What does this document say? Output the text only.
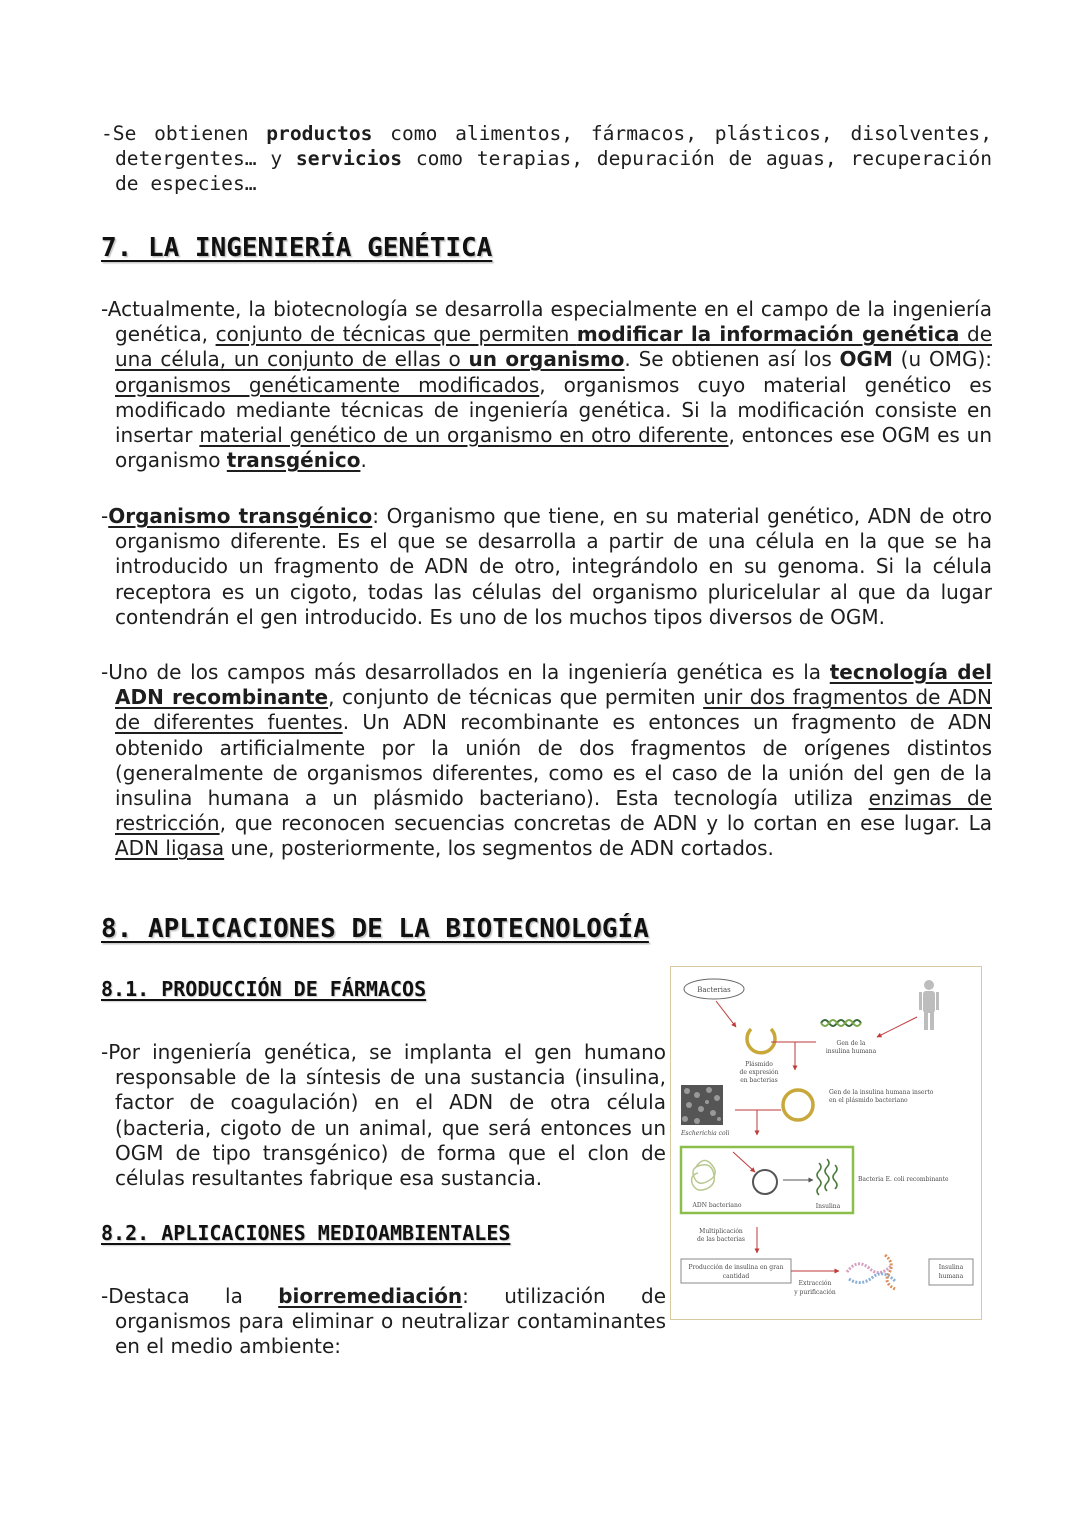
-Se obtienen productos como alimentos, fármacos, plásticos, disolventes, detergentes… y servicios como terapias, depuración de aguas, recuperación de especies…

7. LA INGENIERÍA GENÉTICA

-Actualmente, la biotecnología se desarrolla especialmente en el campo de la ingeniería genética, conjunto de técnicas que permiten modificar la información genética de una célula, un conjunto de ellas o un organismo. Se obtienen así los OGM (u OMG): organismos genéticamente modificados, organismos cuyo material genético es modificado mediante técnicas de ingeniería genética. Si la modificación consiste en insertar material genético de un organismo en otro diferente, entonces ese OGM es un organismo transgénico.

-Organismo transgénico: Organismo que tiene, en su material genético, ADN de otro organismo diferente. Es el que se desarrolla a partir de una célula en la que se ha introducido un fragmento de ADN de otro, integrándolo en su genoma. Si la célula receptora es un cigoto, todas las células del organismo pluricelular al que da lugar contendrán el gen introducido. Es uno de los muchos tipos diversos de OGM.

-Uno de los campos más desarrollados en la ingeniería genética es la tecnología del ADN recombinante, conjunto de técnicas que permiten unir dos fragmentos de ADN de diferentes fuentes. Un ADN recombinante es entonces un fragmento de ADN obtenido artificialmente por la unión de dos fragmentos de orígenes distintos (generalmente de organismos diferentes, como es el caso de la unión del gen de la insulina humana a un plásmido bacteriano). Esta tecnología utiliza enzimas de restricción, que reconocen secuencias concretas de ADN y lo cortan en ese lugar. La ADN ligasa une, posteriormente, los segmentos de ADN cortados.

8. APLICACIONES DE LA BIOTECNOLOGÍA
8.1. PRODUCCIÓN DE FÁRMACOS

-Por ingeniería genética, se implanta el gen humano responsable de la síntesis de una sustancia (insulina, factor de coagulación) en el ADN de otra célula (bacteria, cigoto de un animal, que será entonces un OGM de tipo transgénico) de forma que el clon de células resultantes fabrique esa sustancia.

8.2. APLICACIONES MEDIOAMBIENTALES

-Destaca la biorremediación: utilización de organismos para eliminar o neutralizar contaminantes en el medio ambiente:

Bacterias
Plásmido
de expresión
en bacterias
Gen de la
insulina humana
Gen de la insulina humana inserto
en el plásmido bacteriano
Escherichia coli
ADN bacteriano	Insulina
Bacteria E. coli recombinante
Multiplicación
de las bacterias
Producción de insulina en gran
cantidad
Extracción
y purificación
Insulina
humana
